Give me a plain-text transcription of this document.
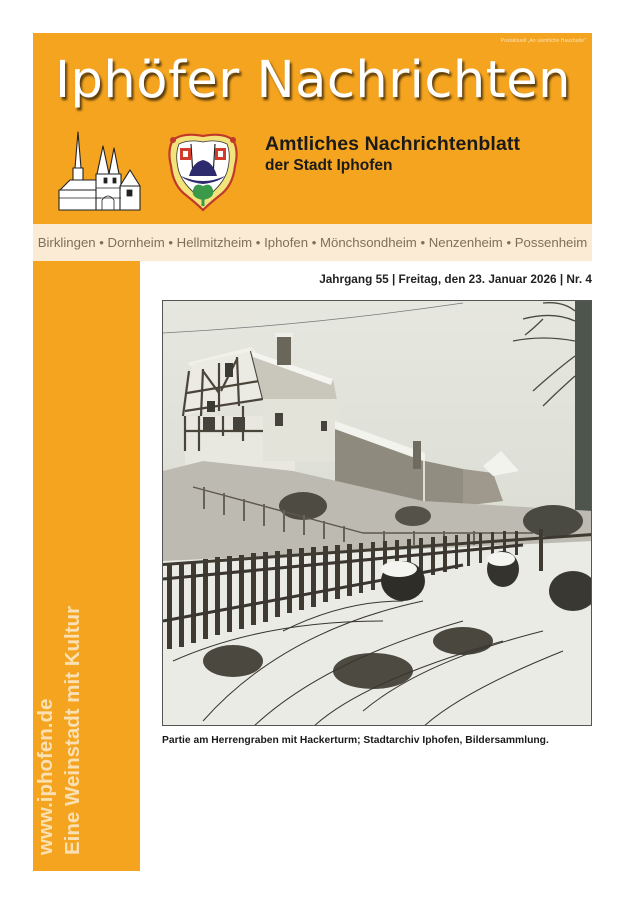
Postaktuell „An sämtliche Haushalte“
Iphöfer Nachrichten
Amtliches Nachrichtenblatt
der Stadt Iphofen
Birklingen • Dornheim • Hellmitzheim • Iphofen • Mönchsondheim • Nenzenheim • Possenheim
www.iphofen.de Eine Weinstadt mit Kultur
Jahrgang 55 | Freitag, den 23. Januar 2026 | Nr. 4
Partie am Herrengraben mit Hackerturm; Stadtarchiv Iphofen, Bildersammlung.
